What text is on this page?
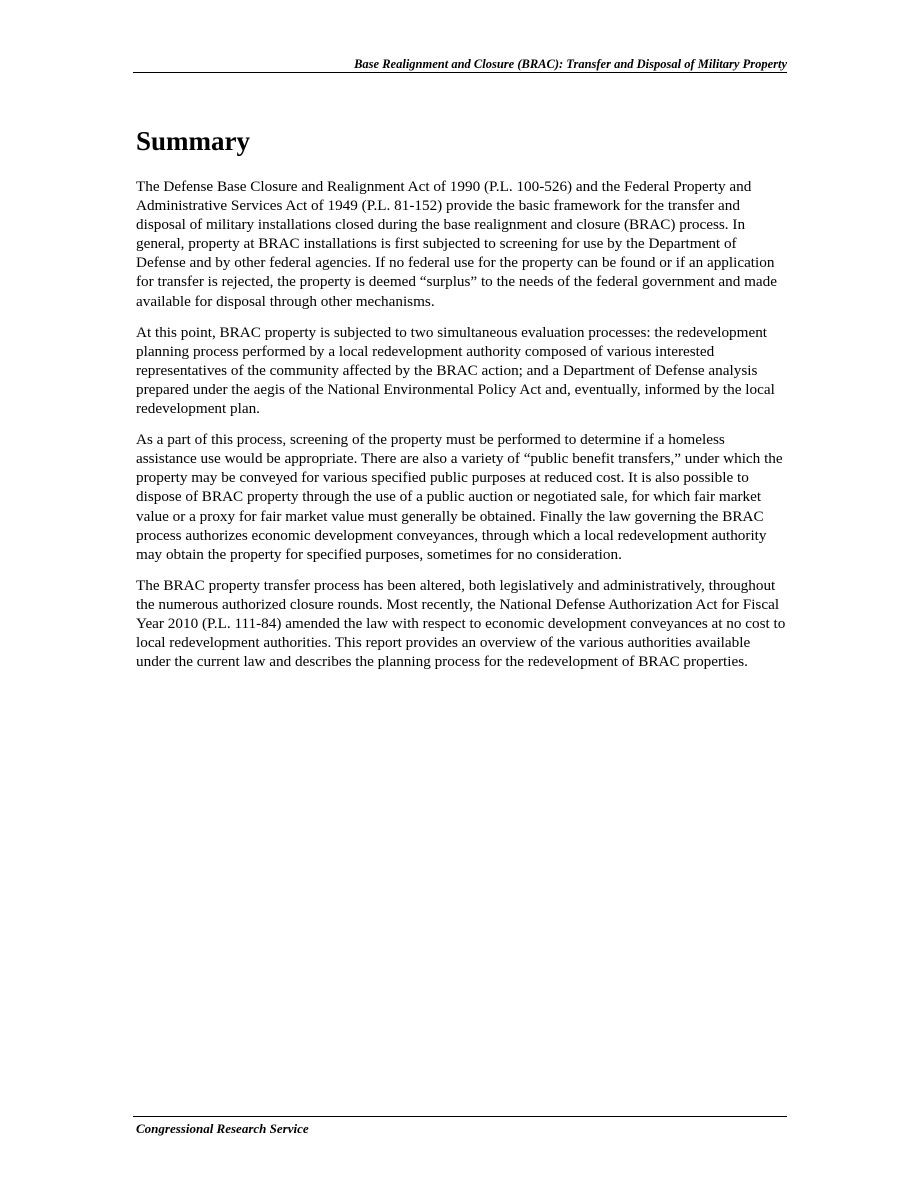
Base Realignment and Closure (BRAC): Transfer and Disposal of Military Property
Summary

The Defense Base Closure and Realignment Act of 1990 (P.L. 100-526) and the Federal Property and Administrative Services Act of 1949 (P.L. 81-152) provide the basic framework for the transfer and disposal of military installations closed during the base realignment and closure (BRAC) process. In general, property at BRAC installations is first subjected to screening for use by the Department of Defense and by other federal agencies. If no federal use for the property can be found or if an application for transfer is rejected, the property is deemed “surplus” to the needs of the federal government and made available for disposal through other mechanisms.

At this point, BRAC property is subjected to two simultaneous evaluation processes: the redevelopment planning process performed by a local redevelopment authority composed of various interested representatives of the community affected by the BRAC action; and a Department of Defense analysis prepared under the aegis of the National Environmental Policy Act and, eventually, informed by the local redevelopment plan.

As a part of this process, screening of the property must be performed to determine if a homeless assistance use would be appropriate. There are also a variety of “public benefit transfers,” under which the property may be conveyed for various specified public purposes at reduced cost. It is also possible to dispose of BRAC property through the use of a public auction or negotiated sale, for which fair market value or a proxy for fair market value must generally be obtained. Finally the law governing the BRAC process authorizes economic development conveyances, through which a local redevelopment authority may obtain the property for specified purposes, sometimes for no consideration.

The BRAC property transfer process has been altered, both legislatively and administratively, throughout the numerous authorized closure rounds. Most recently, the National Defense Authorization Act for Fiscal Year 2010 (P.L. 111-84) amended the law with respect to economic development conveyances at no cost to local redevelopment authorities. This report provides an overview of the various authorities available under the current law and describes the planning process for the redevelopment of BRAC properties.

Congressional Research Service
